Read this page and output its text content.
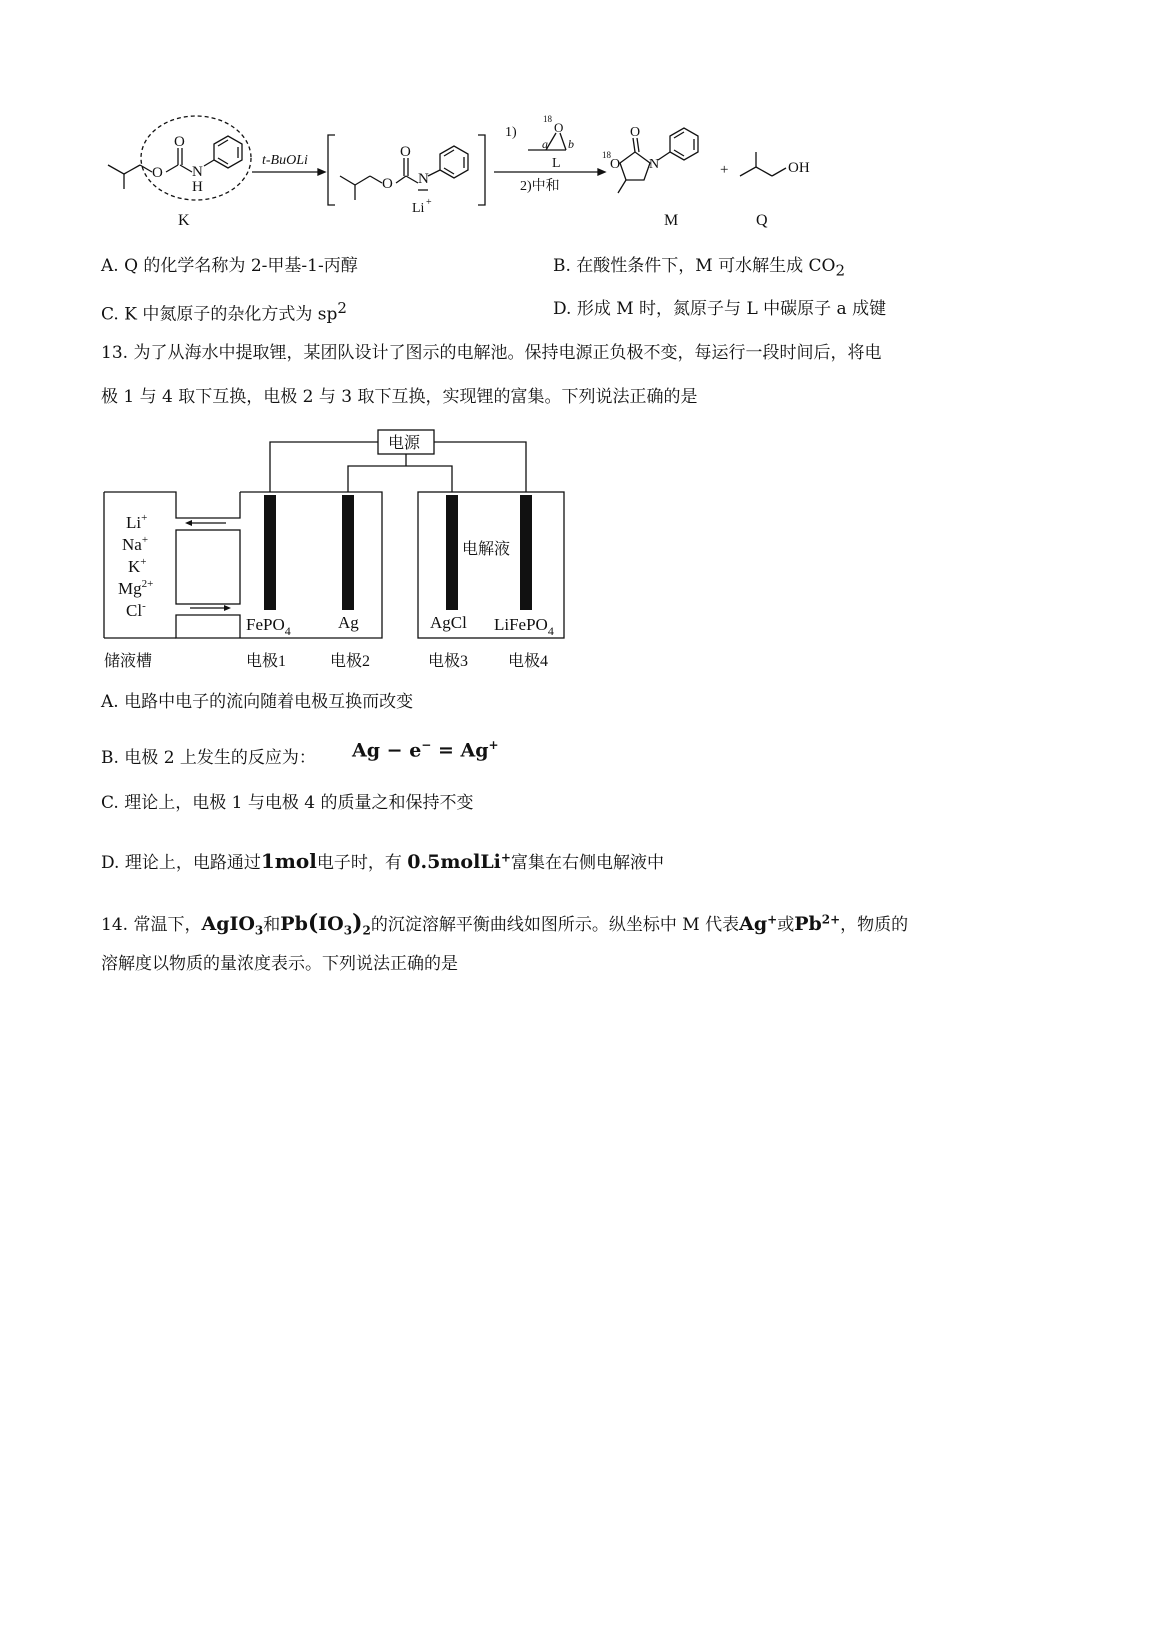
O
O
N
H
K
t-BuOLi
O
O
N
Li +
1)
18
O
a b
L
2)中和
18
O
O
N
M
+	OH
Q
A. Q 的化学名称为 2-甲基-1-丙醇	B. 在酸性条件下，M 可水解生成 $CO_2$
C. K 中氮原子的杂化方式为 $sp^2$	D. 形成 M 时，氮原子与 L 中碳原子 a 成键
13. 为了从海水中提取锂，某团队设计了图示的电解池。保持电源正负极不变，每运行一段时间后，将电
极 1 与 4 取下互换，电极 2 与 3 取下互换，实现锂的富集。下列说法正确的是
电源
电解液
Li+
Na+
K+
$Mg^{2+}$
Cl-
FePO$_4$	Ag	AgCl LiFePO$_4$
储液槽	电极1	电极2	电极3 电极4
A. 电路中电子的流向随着电极互换而改变
B. 电极 2 上发生的反应为： Ag − e− = Ag+
C. 理论上，电极 1 与电极 4 的质量之和保持不变
D. 理论上，电路通过1mol电子时，有 0.5molLi+富集在右侧电解液中
14. 常温下，AgIO$_3$和$Pb(IO_3)_2$的沉淀溶解平衡曲线如图所示。纵坐标中 M 代表Ag+或$Pb^{2+}$，物质的
溶解度以物质的量浓度表示。下列说法正确的是
